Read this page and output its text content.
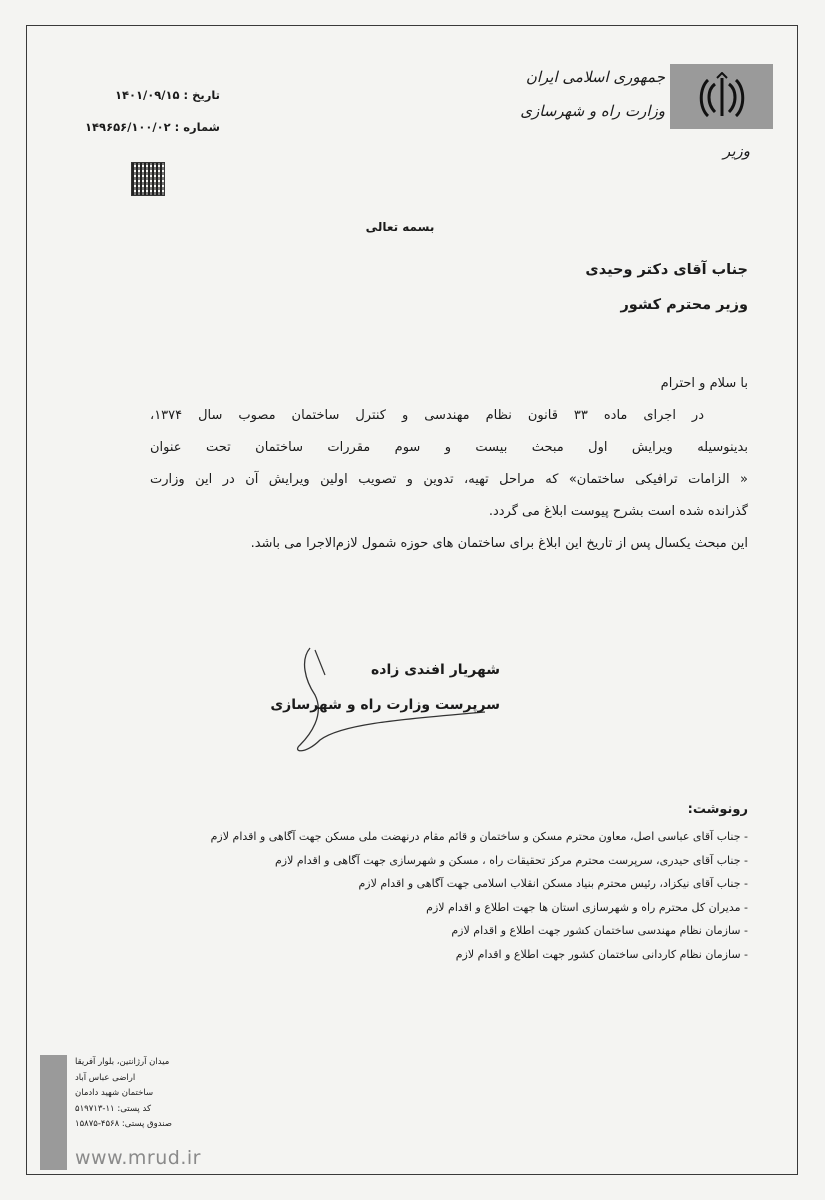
تاریخ : ۱۴۰۱/۰۹/۱۵
شماره : ۱۴۹۶۵۶/۱۰۰/۰۲
جمهوری اسلامی ایران
وزارت راه و شهرسازی
وزیر
بسمه تعالی
جناب آقای دکتر وحیدی
وزیر محترم کشور
با سلام و احترام
در اجرای ماده ۳۳ قانون نظام مهندسی و کنترل ساختمان مصوب سال ۱۳۷۴،
بدینوسیله ویرایش اول مبحث بیست و سوم مقررات ساختمان تحت عنوان
« الزامات ترافیکی ساختمان» که مراحل تهیه، تدوین و تصویب اولین ویرایش آن در این وزارت
گذرانده شده است بشرح پیوست ابلاغ می گردد.
این مبحث یکسال پس از تاریخ این ابلاغ برای ساختمان های حوزه شمول لازم‌الاجرا می باشد.
شهریار افندی زاده
سرپرست وزارت راه و شهرسازی
رونوشت:
- جناب آقای عباسی اصل، معاون محترم مسکن و ساختمان و قائم مقام درنهضت ملی مسکن جهت آگاهی و اقدام لازم
- جناب آقای حیدری، سرپرست محترم مرکز تحقیقات راه ، مسکن و شهرسازی جهت آگاهی و اقدام لازم
- جناب آقای نیکزاد، رئیس محترم بنیاد مسکن انقلاب اسلامی جهت آگاهی و اقدام لازم
- مدیران کل محترم راه و شهرسازی استان ها جهت اطلاع و اقدام لازم
- سازمان نظام مهندسی ساختمان کشور جهت اطلاع و اقدام لازم
- سازمان نظام کاردانی ساختمان کشور جهت اطلاع و اقدام لازم
میدان آرژانتین، بلوار آفریقا
اراضی عباس آباد
ساختمان شهید دادمان
کد پستی: ۱۱-۵۱۹۷۱۳
صندوق پستی: ۴۵۶۸-۱۵۸۷۵
www.mrud.ir
